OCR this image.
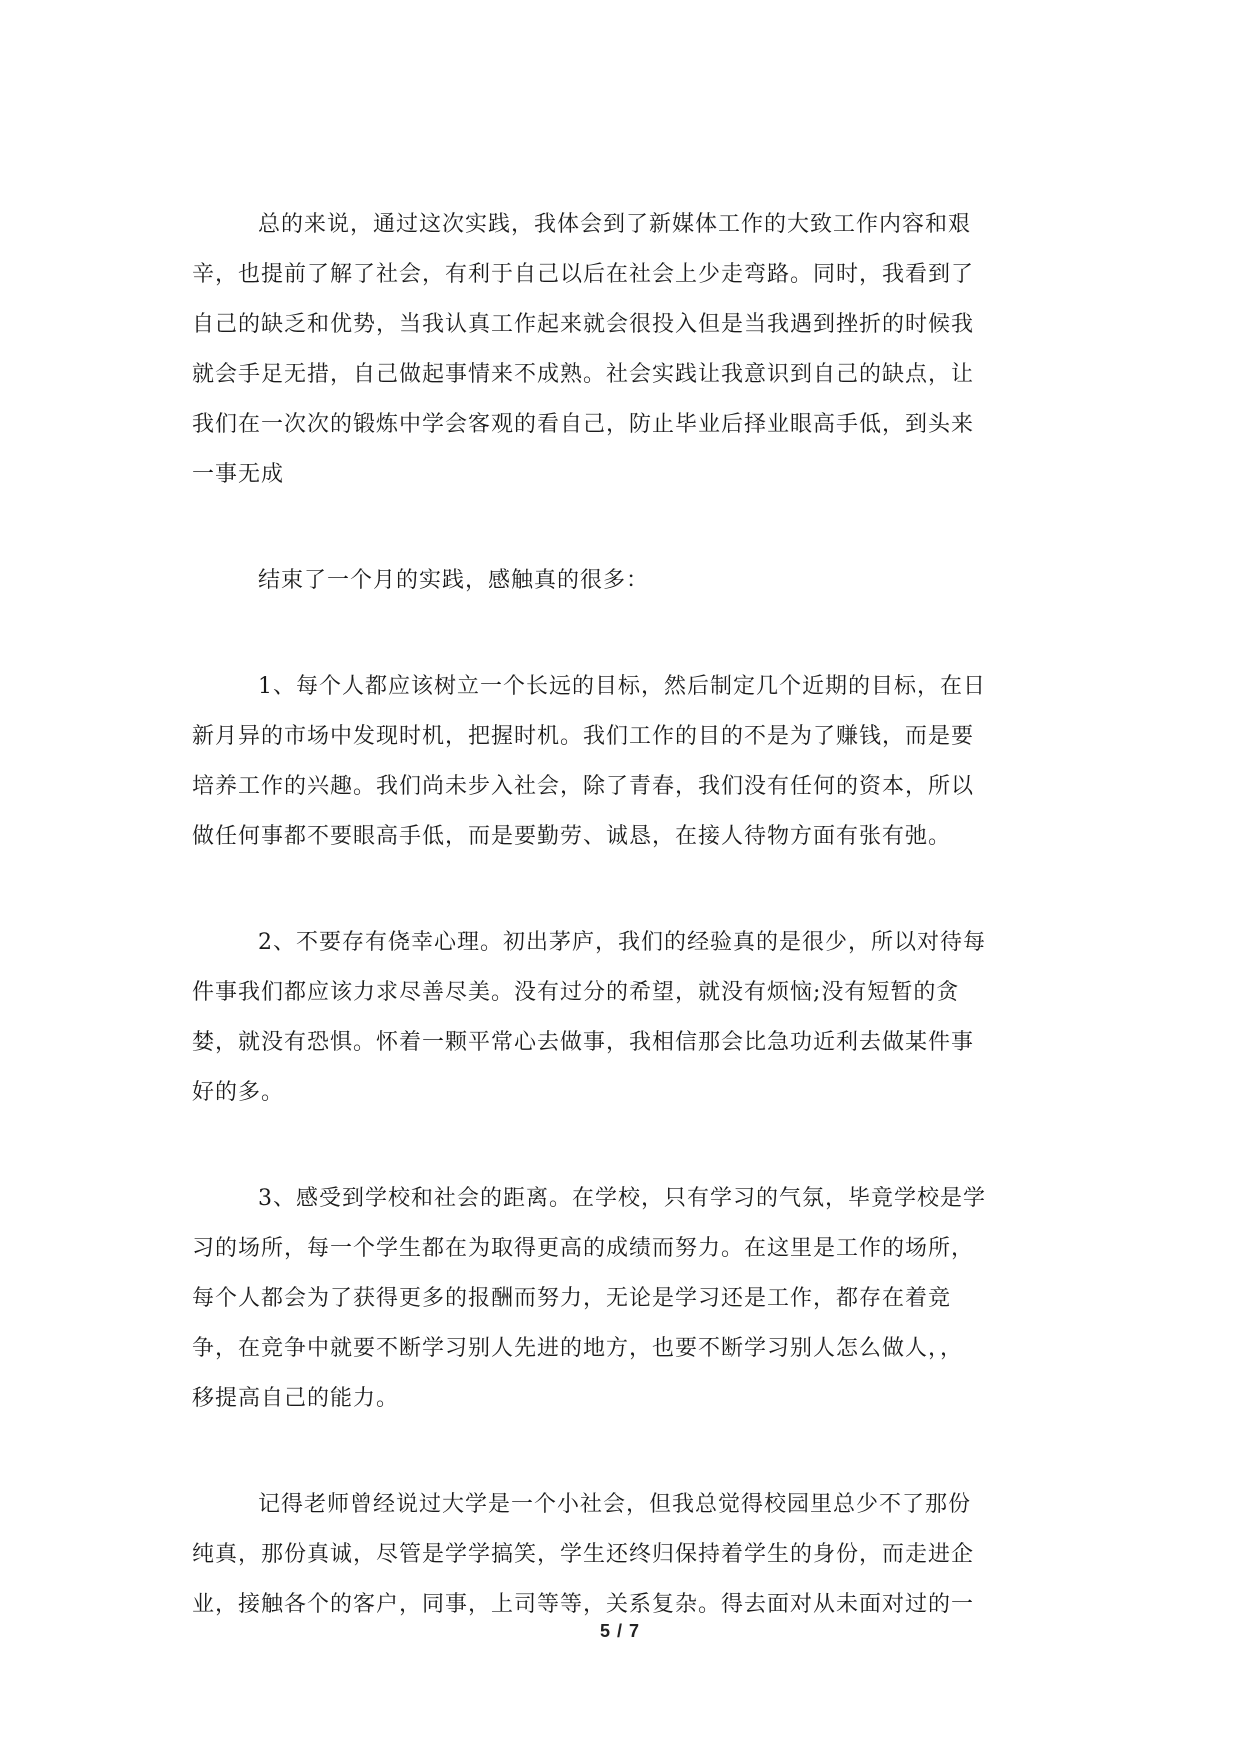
总的来说，通过这次实践，我体会到了新媒体工作的大致工作内容和艰
辛，也提前了解了社会，有利于自己以后在社会上少走弯路。同时，我看到了
自己的缺乏和优势，当我认真工作起来就会很投入但是当我遇到挫折的时候我
就会手足无措，自己做起事情来不成熟。社会实践让我意识到自己的缺点，让
我们在一次次的锻炼中学会客观的看自己，防止毕业后择业眼高手低，到头来
一事无成

结束了一个月的实践，感触真的很多：

1、每个人都应该树立一个长远的目标，然后制定几个近期的目标，在日
新月异的市场中发现时机，把握时机。我们工作的目的不是为了赚钱，而是要
培养工作的兴趣。我们尚未步入社会，除了青春，我们没有任何的资本，所以
做任何事都不要眼高手低，而是要勤劳、诚恳，在接人待物方面有张有弛。

2、不要存有侥幸心理。初出茅庐，我们的经验真的是很少，所以对待每
件事我们都应该力求尽善尽美。没有过分的希望，就没有烦恼;没有短暂的贪
婪，就没有恐惧。怀着一颗平常心去做事，我相信那会比急功近利去做某件事
好的多。

3、感受到学校和社会的距离。在学校，只有学习的气氛，毕竟学校是学
习的场所，每一个学生都在为取得更高的成绩而努力。在这里是工作的场所，
每个人都会为了获得更多的报酬而努力，无论是学习还是工作，都存在着竞
争，在竞争中就要不断学习别人先进的地方，也要不断学习别人怎么做人，，
移提高自己的能力。

记得老师曾经说过大学是一个小社会，但我总觉得校园里总少不了那份
纯真，那份真诚，尽管是学学搞笑，学生还终归保持着学生的身份，而走进企
业，接触各个的客户，同事，上司等等，关系复杂。得去面对从未面对过的一

5 / 7
